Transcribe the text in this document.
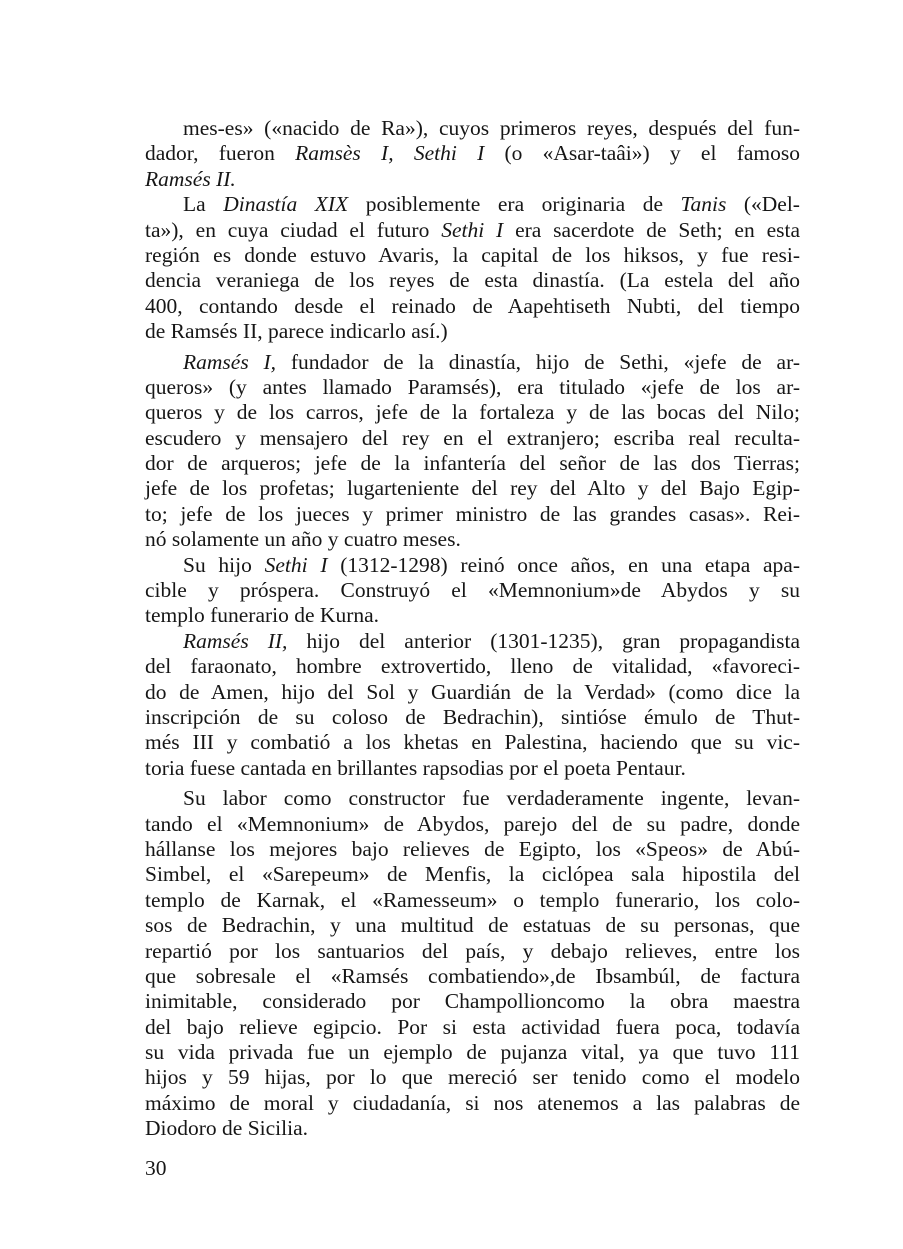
mes-es» («nacido de Ra»), cuyos primeros reyes, después del fun-
dador, fueron Ramsès I, Sethi I (o «Asar-taâi») y el famoso
Ramsés II.
La Dinastía XIX posiblemente era originaria de Tanis («Del-
ta»), en cuya ciudad el futuro Sethi I era sacerdote de Seth; en esta
región es donde estuvo Avaris, la capital de los hiksos, y fue resi-
dencia veraniega de los reyes de esta dinastía. (La estela del año
400, contando desde el reinado de Aapehtiseth Nubti, del tiempo
de Ramsés II, parece indicarlo así.)
Ramsés I, fundador de la dinastía, hijo de Sethi, «jefe de ar-
queros» (y antes llamado Paramsés), era titulado «jefe de los ar-
queros y de los carros, jefe de la fortaleza y de las bocas del Nilo;
escudero y mensajero del rey en el extranjero; escriba real reculta-
dor de arqueros; jefe de la infantería del señor de las dos Tierras;
jefe de los profetas; lugarteniente del rey del Alto y del Bajo Egip-
to; jefe de los jueces y primer ministro de las grandes casas». Rei-
nó solamente un año y cuatro meses.
Su hijo Sethi I (1312-1298) reinó once años, en una etapa apa-
cible y próspera. Construyó el «Memnonium»de Abydos y su
templo funerario de Kurna.
Ramsés II, hijo del anterior (1301-1235), gran propagandista
del faraonato, hombre extrovertido, lleno de vitalidad, «favoreci-
do de Amen, hijo del Sol y Guardián de la Verdad» (como dice la
inscripción de su coloso de Bedrachin), sintióse émulo de Thut-
més III y combatió a los khetas en Palestina, haciendo que su vic-
toria fuese cantada en brillantes rapsodias por el poeta Pentaur.
Su labor como constructor fue verdaderamente ingente, levan-
tando el «Memnonium» de Abydos, parejo del de su padre, donde
hállanse los mejores bajo relieves de Egipto, los «Speos» de Abú-
Simbel, el «Sarepeum» de Menfis, la ciclópea sala hipostila del
templo de Karnak, el «Ramesseum» o templo funerario, los colo-
sos de Bedrachin, y una multitud de estatuas de su personas, que
repartió por los santuarios del país, y debajo relieves, entre los
que sobresale el «Ramsés combatiendo»,de Ibsambúl, de factura
inimitable, considerado por Champollioncomo la obra maestra
del bajo relieve egipcio. Por si esta actividad fuera poca, todavía
su vida privada fue un ejemplo de pujanza vital, ya que tuvo 111
hijos y 59 hijas, por lo que mereció ser tenido como el modelo
máximo de moral y ciudadanía, si nos atenemos a las palabras de
Diodoro de Sicilia.
30
